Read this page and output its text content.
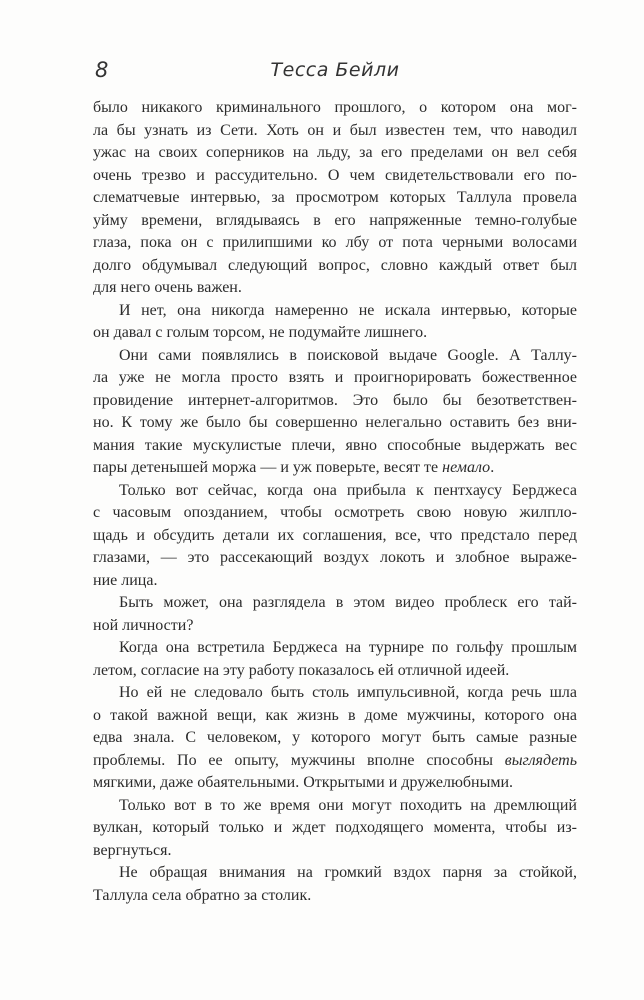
8	Тесса Бейли
было никакого криминального прошлого, о котором она мог-
ла бы узнать из Сети. Хоть он и был известен тем, что наводил
ужас на своих соперников на льду, за его пределами он вел себя
очень трезво и рассудительно. О чем свидетельствовали его по-
слематчевые интервью, за просмотром которых Таллула провела
уйму времени, вглядываясь в его напряженные темно-голубые
глаза, пока он с прилипшими ко лбу от пота черными волосами
долго обдумывал следующий вопрос, словно каждый ответ был
для него очень важен.
И нет, она никогда намеренно не искала интервью, которые
он давал с голым торсом, не подумайте лишнего.
Они сами появлялись в поисковой выдаче Google. А Таллу-
ла уже не могла просто взять и проигнорировать божественное
провидение интернет-алгоритмов. Это было бы безответствен-
но. К тому же было бы совершенно нелегально оставить без вни-
мания такие мускулистые плечи, явно способные выдержать вес
пары детенышей моржа — и уж поверьте, весят те немало.
Только вот сейчас, когда она прибыла к пентхаусу Берджеса
с часовым опозданием, чтобы осмотреть свою новую жилпло-
щадь и обсудить детали их соглашения, все, что предстало перед
глазами, — это рассекающий воздух локоть и злобное выраже-
ние лица.
Быть может, она разглядела в этом видео проблеск его тай-
ной личности?
Когда она встретила Берджеса на турнире по гольфу прошлым
летом, согласие на эту работу показалось ей отличной идеей.
Но ей не следовало быть столь импульсивной, когда речь шла
о такой важной вещи, как жизнь в доме мужчины, которого она
едва знала. С человеком, у которого могут быть самые разные
проблемы. По ее опыту, мужчины вполне способны выглядеть
мягкими, даже обаятельными. Открытыми и дружелюбными.
Только вот в то же время они могут походить на дремлющий
вулкан, который только и ждет подходящего момента, чтобы из-
вергнуться.
Не обращая внимания на громкий вздох парня за стойкой,
Таллула села обратно за столик.
